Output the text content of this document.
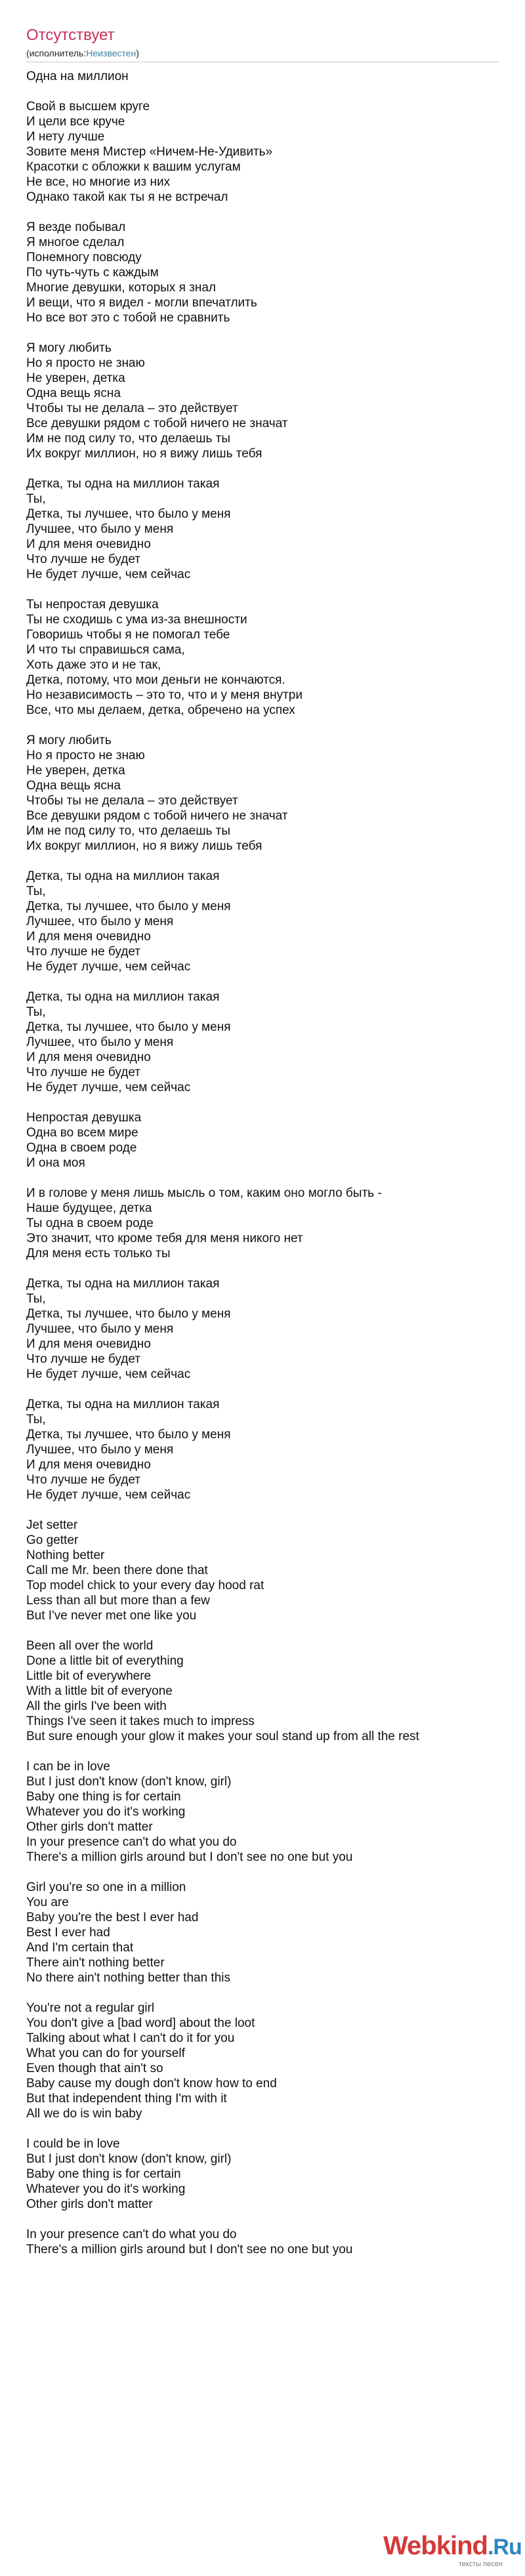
Отсутствует
(исполнитель:Неизвестен)
Одна на миллион
Свой в высшем круге
И цели все круче
И нету лучше
Зовите меня Мистер «Ничем-Не-Удивить»
Красотки с обложки к вашим услугам
Не все, но многие из них
Однако такой как ты я не встречал
Я везде побывал
Я многое сделал
Понемногу повсюду
По чуть-чуть с каждым
Многие девушки, которых я знал
И вещи, что я видел - могли впечатлить
Но все вот это с тобой не сравнить
Я могу любить
Но я просто не знаю
Не уверен, детка
Одна вещь ясна
Чтобы ты не делала – это действует
Все девушки рядом с тобой ничего не значат
Им не под силу то, что делаешь ты
Их вокруг миллион, но я вижу лишь тебя
Детка, ты одна на миллион такая
Ты,
Детка, ты лучшее, что было у меня
Лучшее, что было у меня
И для меня очевидно
Что лучше не будет
Не будет лучше, чем сейчас
Ты непростая девушка
Ты не сходишь с ума из-за внешности
Говоришь чтобы я не помогал тебе
И что ты справишься сама,
Хоть даже это и не так,
Детка, потому, что мои деньги не кончаются.
Но независимость – это то, что и у меня внутри
Все, что мы делаем, детка, обречено на успех
Я могу любить
Но я просто не знаю
Не уверен, детка
Одна вещь ясна
Чтобы ты не делала – это действует
Все девушки рядом с тобой ничего не значат
Им не под силу то, что делаешь ты
Их вокруг миллион, но я вижу лишь тебя
Детка, ты одна на миллион такая
Ты,
Детка, ты лучшее, что было у меня
Лучшее, что было у меня
И для меня очевидно
Что лучше не будет
Не будет лучше, чем сейчас
Детка, ты одна на миллион такая
Ты,
Детка, ты лучшее, что было у меня
Лучшее, что было у меня
И для меня очевидно
Что лучше не будет
Не будет лучше, чем сейчас
Непростая девушка
Одна во всем мире
Одна в своем роде
И она моя
И в голове у меня лишь мысль о том, каким оно могло быть -
Наше будущее, детка
Ты одна в своем роде
Это значит, что кроме тебя для меня никого нет
Для меня есть только ты
Детка, ты одна на миллион такая
Ты,
Детка, ты лучшее, что было у меня
Лучшее, что было у меня
И для меня очевидно
Что лучше не будет
Не будет лучше, чем сейчас
Детка, ты одна на миллион такая
Ты,
Детка, ты лучшее, что было у меня
Лучшее, что было у меня
И для меня очевидно
Что лучше не будет
Не будет лучше, чем сейчас
Jet setter
Go getter
Nothing better
Call me Mr. been there done that
Top model chick to your every day hood rat
Less than all but more than a few
But I've never met one like you
Been all over the world
Done a little bit of everything
Little bit of everywhere
With a little bit of everyone
All the girls I've been with
Things I've seen it takes much to impress
But sure enough your glow it makes your soul stand up from all the rest
I can be in love
But I just don't know (don't know, girl)
Baby one thing is for certain
Whatever you do it's working
Other girls don't matter
In your presence can't do what you do
There's a million girls around but I don't see no one but you
Girl you're so one in a million
You are
Baby you're the best I ever had
Best I ever had
And I'm certain that
There ain't nothing better
No there ain't nothing better than this
You're not a regular girl
You don't give a [bad word] about the loot
Talking about what I can't do it for you
What you can do for yourself
Even though that ain't so
Baby cause my dough don't know how to end
But that independent thing I'm with it
All we do is win baby
I could be in love
But I just don't know (don't know, girl)
Baby one thing is for certain
Whatever you do it's working
Other girls don't matter
In your presence can't do what you do
There's a million girls around but I don't see no one but you
Webkind.Ru
тексты песен
